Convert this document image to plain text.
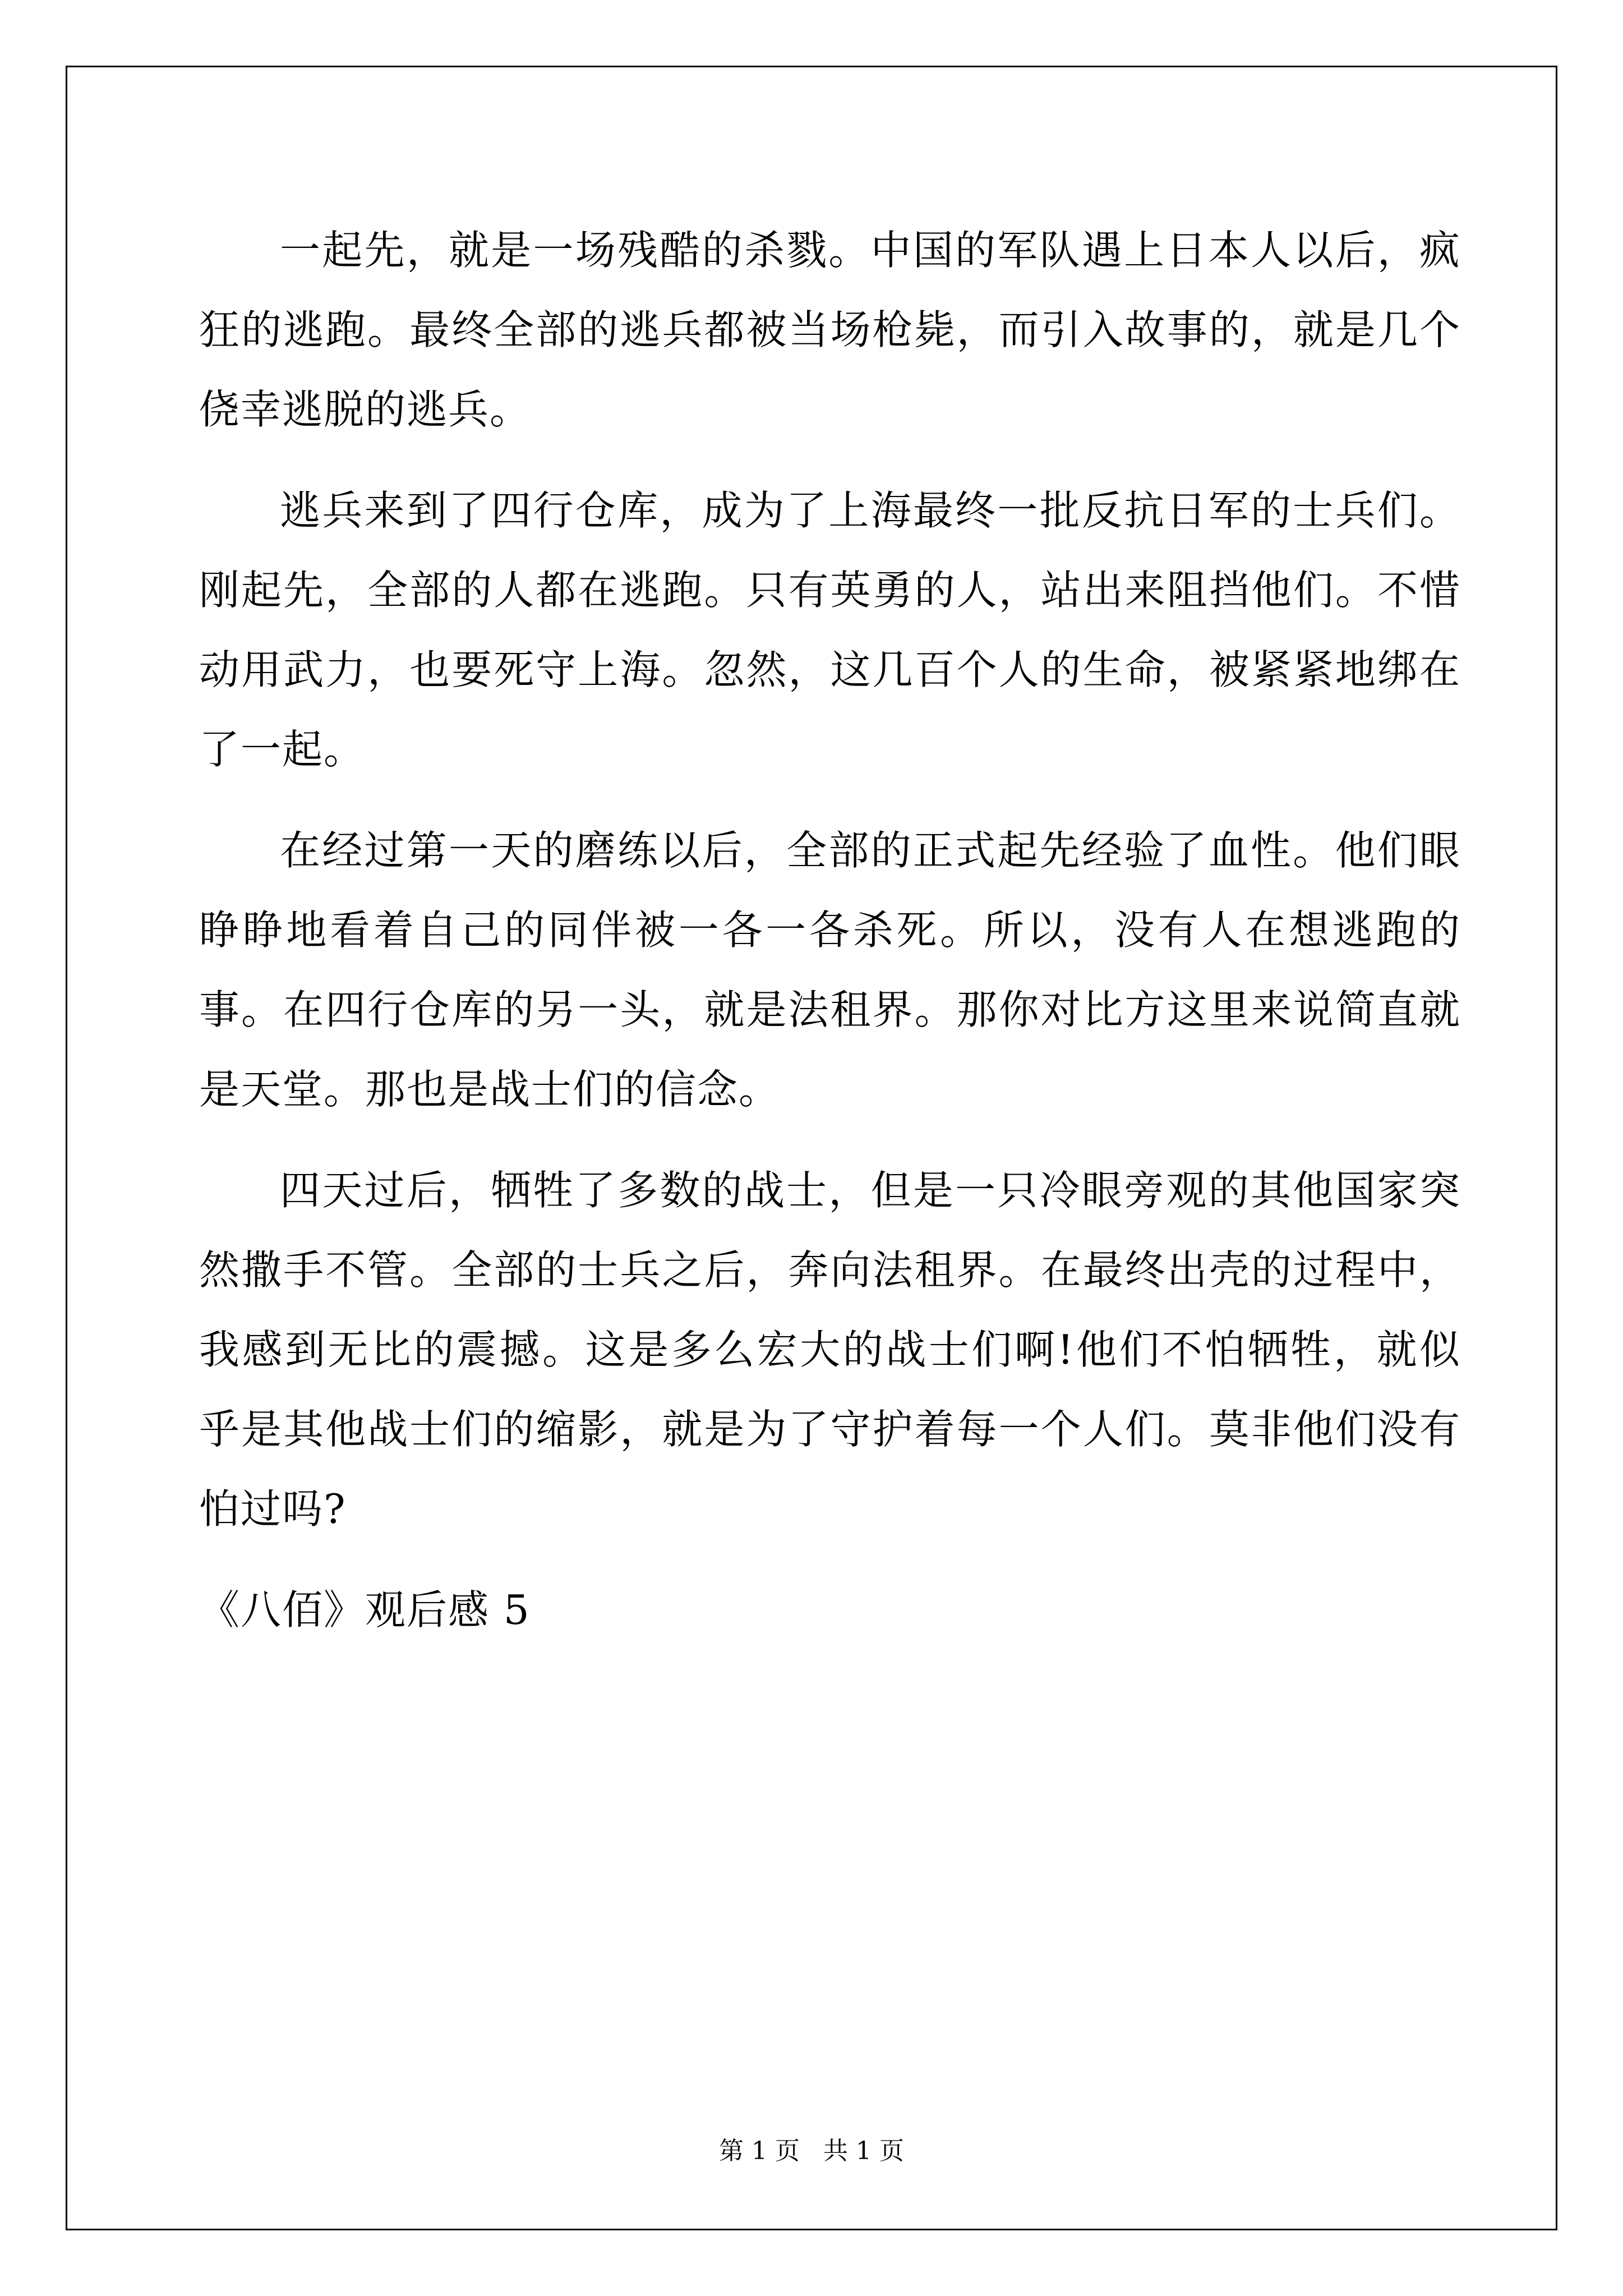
一起先，就是一场残酷的杀戮。中国的军队遇上日本人以后，疯狂的逃跑。最终全部的逃兵都被当场枪毙，而引入故事的，就是几个侥幸逃脱的逃兵。

逃兵来到了四行仓库，成为了上海最终一批反抗日军的士兵们。刚起先，全部的人都在逃跑。只有英勇的人，站出来阻挡他们。不惜动用武力，也要死守上海。忽然，这几百个人的生命，被紧紧地绑在了一起。

在经过第一天的磨练以后，全部的正式起先经验了血性。他们眼睁睁地看着自己的同伴被一各一各杀死。所以，没有人在想逃跑的事。在四行仓库的另一头，就是法租界。那你对比方这里来说简直就是天堂。那也是战士们的信念。

四天过后，牺牲了多数的战士，但是一只冷眼旁观的其他国家突然撒手不管。全部的士兵之后，奔向法租界。在最终出壳的过程中，我感到无比的震撼。这是多么宏大的战士们啊!他们不怕牺牲，就似乎是其他战士们的缩影，就是为了守护着每一个人们。莫非他们没有怕过吗?

《八佰》观后感 5

第 1 页 共 1 页
